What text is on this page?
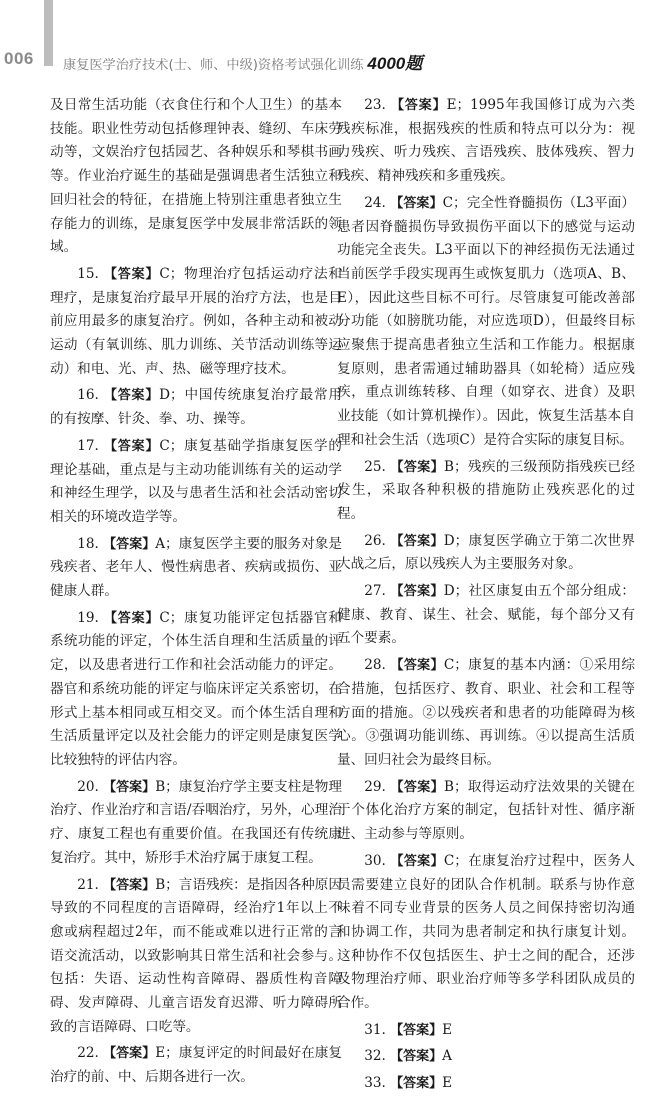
006 康复医学治疗技术(士、师、中级)资格考试强化训练 4000题

及日常生活功能（衣食住行和个人卫生）的基本技能。职业性劳动包括修理钟表、缝纫、车床劳动等，文娱治疗包括园艺、各种娱乐和琴棋书画等。作业治疗诞生的基础是强调患者生活独立和回归社会的特征，在措施上特别注重患者独立生存能力的训练，是康复医学中发展非常活跃的领域。

15. 【答案】C；物理治疗包括运动疗法和理疗，是康复治疗最早开展的治疗方法，也是目前应用最多的康复治疗。例如，各种主动和被动运动（有氧训练、肌力训练、关节活动训练等运动）和电、光、声、热、磁等理疗技术。

16. 【答案】D；中国传统康复治疗最常用的有按摩、针灸、拳、功、操等。

17. 【答案】C；康复基础学指康复医学的理论基础，重点是与主动功能训练有关的运动学和神经生理学，以及与患者生活和社会活动密切相关的环境改造学等。

18. 【答案】A；康复医学主要的服务对象是残疾者、老年人、慢性病患者、疾病或损伤、亚健康人群。

19. 【答案】C；康复功能评定包括器官和系统功能的评定，个体生活自理和生活质量的评定，以及患者进行工作和社会活动能力的评定。器官和系统功能的评定与临床评定关系密切，在形式上基本相同或互相交叉。而个体生活自理和生活质量评定以及社会能力的评定则是康复医学比较独特的评估内容。

20. 【答案】B；康复治疗学主要支柱是物理治疗、作业治疗和言语/吞咽治疗，另外，心理治疗、康复工程也有重要价值。在我国还有传统康复治疗。其中，矫形手术治疗属于康复工程。

21. 【答案】B；言语残疾：是指因各种原因导致的不同程度的言语障碍，经治疗1年以上不愈或病程超过2年，而不能或难以进行正常的言语交流活动，以致影响其日常生活和社会参与。包括：失语、运动性构音障碍、器质性构音障碍、发声障碍、儿童言语发育迟滞、听力障碍所致的言语障碍、口吃等。

22. 【答案】E；康复评定的时间最好在康复治疗的前、中、后期各进行一次。

23. 【答案】E；1995年我国修订成为六类残疾标准，根据残疾的性质和特点可以分为：视力残疾、听力残疾、言语残疾、肢体残疾、智力残疾、精神残疾和多重残疾。

24. 【答案】C；完全性脊髓损伤（L3平面）患者因脊髓损伤导致损伤平面以下的感觉与运动功能完全丧失。L3平面以下的神经损伤无法通过当前医学手段实现再生或恢复肌力（选项A、B、E），因此这些目标不可行。尽管康复可能改善部分功能（如膀胱功能，对应选项D），但最终目标应聚焦于提高患者独立生活和工作能力。根据康复原则，患者需通过辅助器具（如轮椅）适应残疾，重点训练转移、自理（如穿衣、进食）及职业技能（如计算机操作）。因此，恢复生活基本自理和社会生活（选项C）是符合实际的康复目标。

25. 【答案】B；残疾的三级预防指残疾已经发生，采取各种积极的措施防止残疾恶化的过程。

26. 【答案】D；康复医学确立于第二次世界大战之后，原以残疾人为主要服务对象。

27. 【答案】D；社区康复由五个部分组成：健康、教育、谋生、社会、赋能，每个部分又有五个要素。

28. 【答案】C；康复的基本内涵：①采用综合措施，包括医疗、教育、职业、社会和工程等方面的措施。②以残疾者和患者的功能障碍为核心。③强调功能训练、再训练。④以提高生活质量、回归社会为最终目标。

29. 【答案】B；取得运动疗法效果的关键在于个体化治疗方案的制定，包括针对性、循序渐进、主动参与等原则。

30. 【答案】C；在康复治疗过程中，医务人员需要建立良好的团队合作机制。联系与协作意味着不同专业背景的医务人员之间保持密切沟通和协调工作，共同为患者制定和执行康复计划。这种协作不仅包括医生、护士之间的配合，还涉及物理治疗师、职业治疗师等多学科团队成员的合作。

31. 【答案】E

32. 【答案】A

33. 【答案】E
